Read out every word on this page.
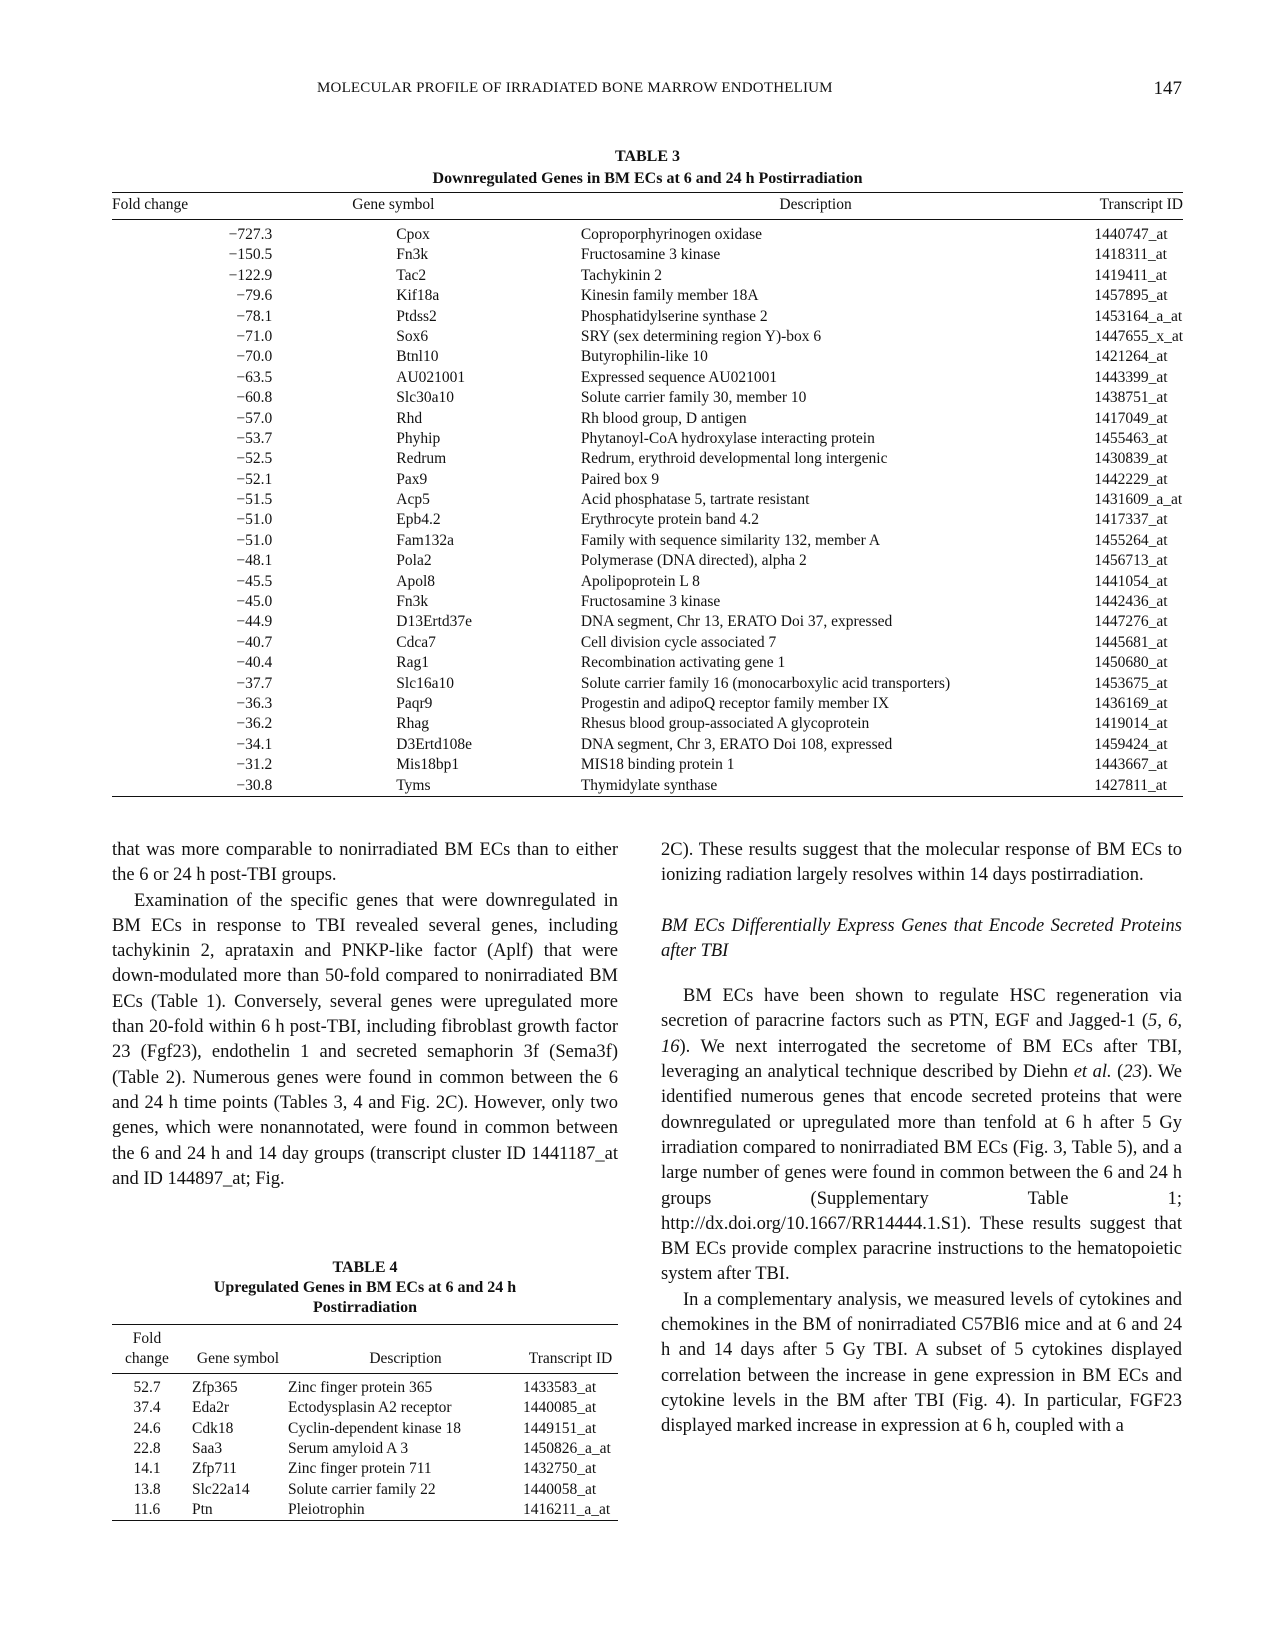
MOLECULAR PROFILE OF IRRADIATED BONE MARROW ENDOTHELIUM	147
TABLE 3
Downregulated Genes in BM ECs at 6 and 24 h Postirradiation
Fold change	Gene symbol	Description	Transcript ID
−727.3	Cpox	Coproporphyrinogen oxidase	1440747_at
−150.5	Fn3k	Fructosamine 3 kinase	1418311_at
−122.9	Tac2	Tachykinin 2	1419411_at
−79.6	Kif18a	Kinesin family member 18A	1457895_at
−78.1	Ptdss2	Phosphatidylserine synthase 2	1453164_a_at
−71.0	Sox6	SRY (sex determining region Y)-box 6	1447655_x_at
−70.0	Btnl10	Butyrophilin-like 10	1421264_at
−63.5	AU021001	Expressed sequence AU021001	1443399_at
−60.8	Slc30a10	Solute carrier family 30, member 10	1438751_at
−57.0	Rhd	Rh blood group, D antigen	1417049_at
−53.7	Phyhip	Phytanoyl-CoA hydroxylase interacting protein	1455463_at
−52.5	Redrum	Redrum, erythroid developmental long intergenic	1430839_at
−52.1	Pax9	Paired box 9	1442229_at
−51.5	Acp5	Acid phosphatase 5, tartrate resistant	1431609_a_at
−51.0	Epb4.2	Erythrocyte protein band 4.2	1417337_at
−51.0	Fam132a	Family with sequence similarity 132, member A	1455264_at
−48.1	Pola2	Polymerase (DNA directed), alpha 2	1456713_at
−45.5	Apol8	Apolipoprotein L 8	1441054_at
−45.0	Fn3k	Fructosamine 3 kinase	1442436_at
−44.9	D13Ertd37e	DNA segment, Chr 13, ERATO Doi 37, expressed	1447276_at
−40.7	Cdca7	Cell division cycle associated 7	1445681_at
−40.4	Rag1	Recombination activating gene 1	1450680_at
−37.7	Slc16a10	Solute carrier family 16 (monocarboxylic acid transporters)	1453675_at
−36.3	Paqr9	Progestin and adipoQ receptor family member IX	1436169_at
−36.2	Rhag	Rhesus blood group-associated A glycoprotein	1419014_at
−34.1	D3Ertd108e	DNA segment, Chr 3, ERATO Doi 108, expressed	1459424_at
−31.2	Mis18bp1	MIS18 binding protein 1	1443667_at
−30.8	Tyms	Thymidylate synthase	1427811_at

that was more comparable to nonirradiated BM ECs than to either the 6 or 24 h post-TBI groups.

Examination of the specific genes that were downregulated in BM ECs in response to TBI revealed several genes, including tachykinin 2, aprataxin and PNKP-like factor (Aplf) that were down-modulated more than 50-fold compared to nonirradiated BM ECs (Table 1). Conversely, several genes were upregulated more than 20-fold within 6 h post-TBI, including fibroblast growth factor 23 (Fgf23), endothelin 1 and secreted semaphorin 3f (Sema3f) (Table 2). Numerous genes were found in common between the 6 and 24 h time points (Tables 3, 4 and Fig. 2C). However, only two genes, which were nonannotated, were found in common between the 6 and 24 h and 14 day groups (transcript cluster ID 1441187_at and ID 144897_at; Fig.

TABLE 4
Upregulated Genes in BM ECs at 6 and 24 h Postirradiation
Fold change	Gene symbol	Description	Transcript ID
52.7	Zfp365	Zinc finger protein 365	1433583_at
37.4	Eda2r	Ectodysplasin A2 receptor	1440085_at
24.6	Cdk18	Cyclin-dependent kinase 18	1449151_at
22.8	Saa3	Serum amyloid A 3	1450826_a_at
14.1	Zfp711	Zinc finger protein 711	1432750_at
13.8	Slc22a14	Solute carrier family 22	1440058_at
11.6	Ptn	Pleiotrophin	1416211_a_at

2C). These results suggest that the molecular response of BM ECs to ionizing radiation largely resolves within 14 days postirradiation.

BM ECs Differentially Express Genes that Encode Secreted Proteins after TBI

BM ECs have been shown to regulate HSC regeneration via secretion of paracrine factors such as PTN, EGF and Jagged-1 (5, 6, 16). We next interrogated the secretome of BM ECs after TBI, leveraging an analytical technique described by Diehn et al. (23). We identified numerous genes that encode secreted proteins that were downregulated or upregulated more than tenfold at 6 h after 5 Gy irradiation compared to nonirradiated BM ECs (Fig. 3, Table 5), and a large number of genes were found in common between the 6 and 24 h groups (Supplementary Table 1; http://dx.doi.org/10.1667/RR14444.1.S1). These results suggest that BM ECs provide complex paracrine instructions to the hematopoietic system after TBI.

In a complementary analysis, we measured levels of cytokines and chemokines in the BM of nonirradiated C57Bl6 mice and at 6 and 24 h and 14 days after 5 Gy TBI. A subset of 5 cytokines displayed correlation between the increase in gene expression in BM ECs and cytokine levels in the BM after TBI (Fig. 4). In particular, FGF23 displayed marked increase in expression at 6 h, coupled with a
